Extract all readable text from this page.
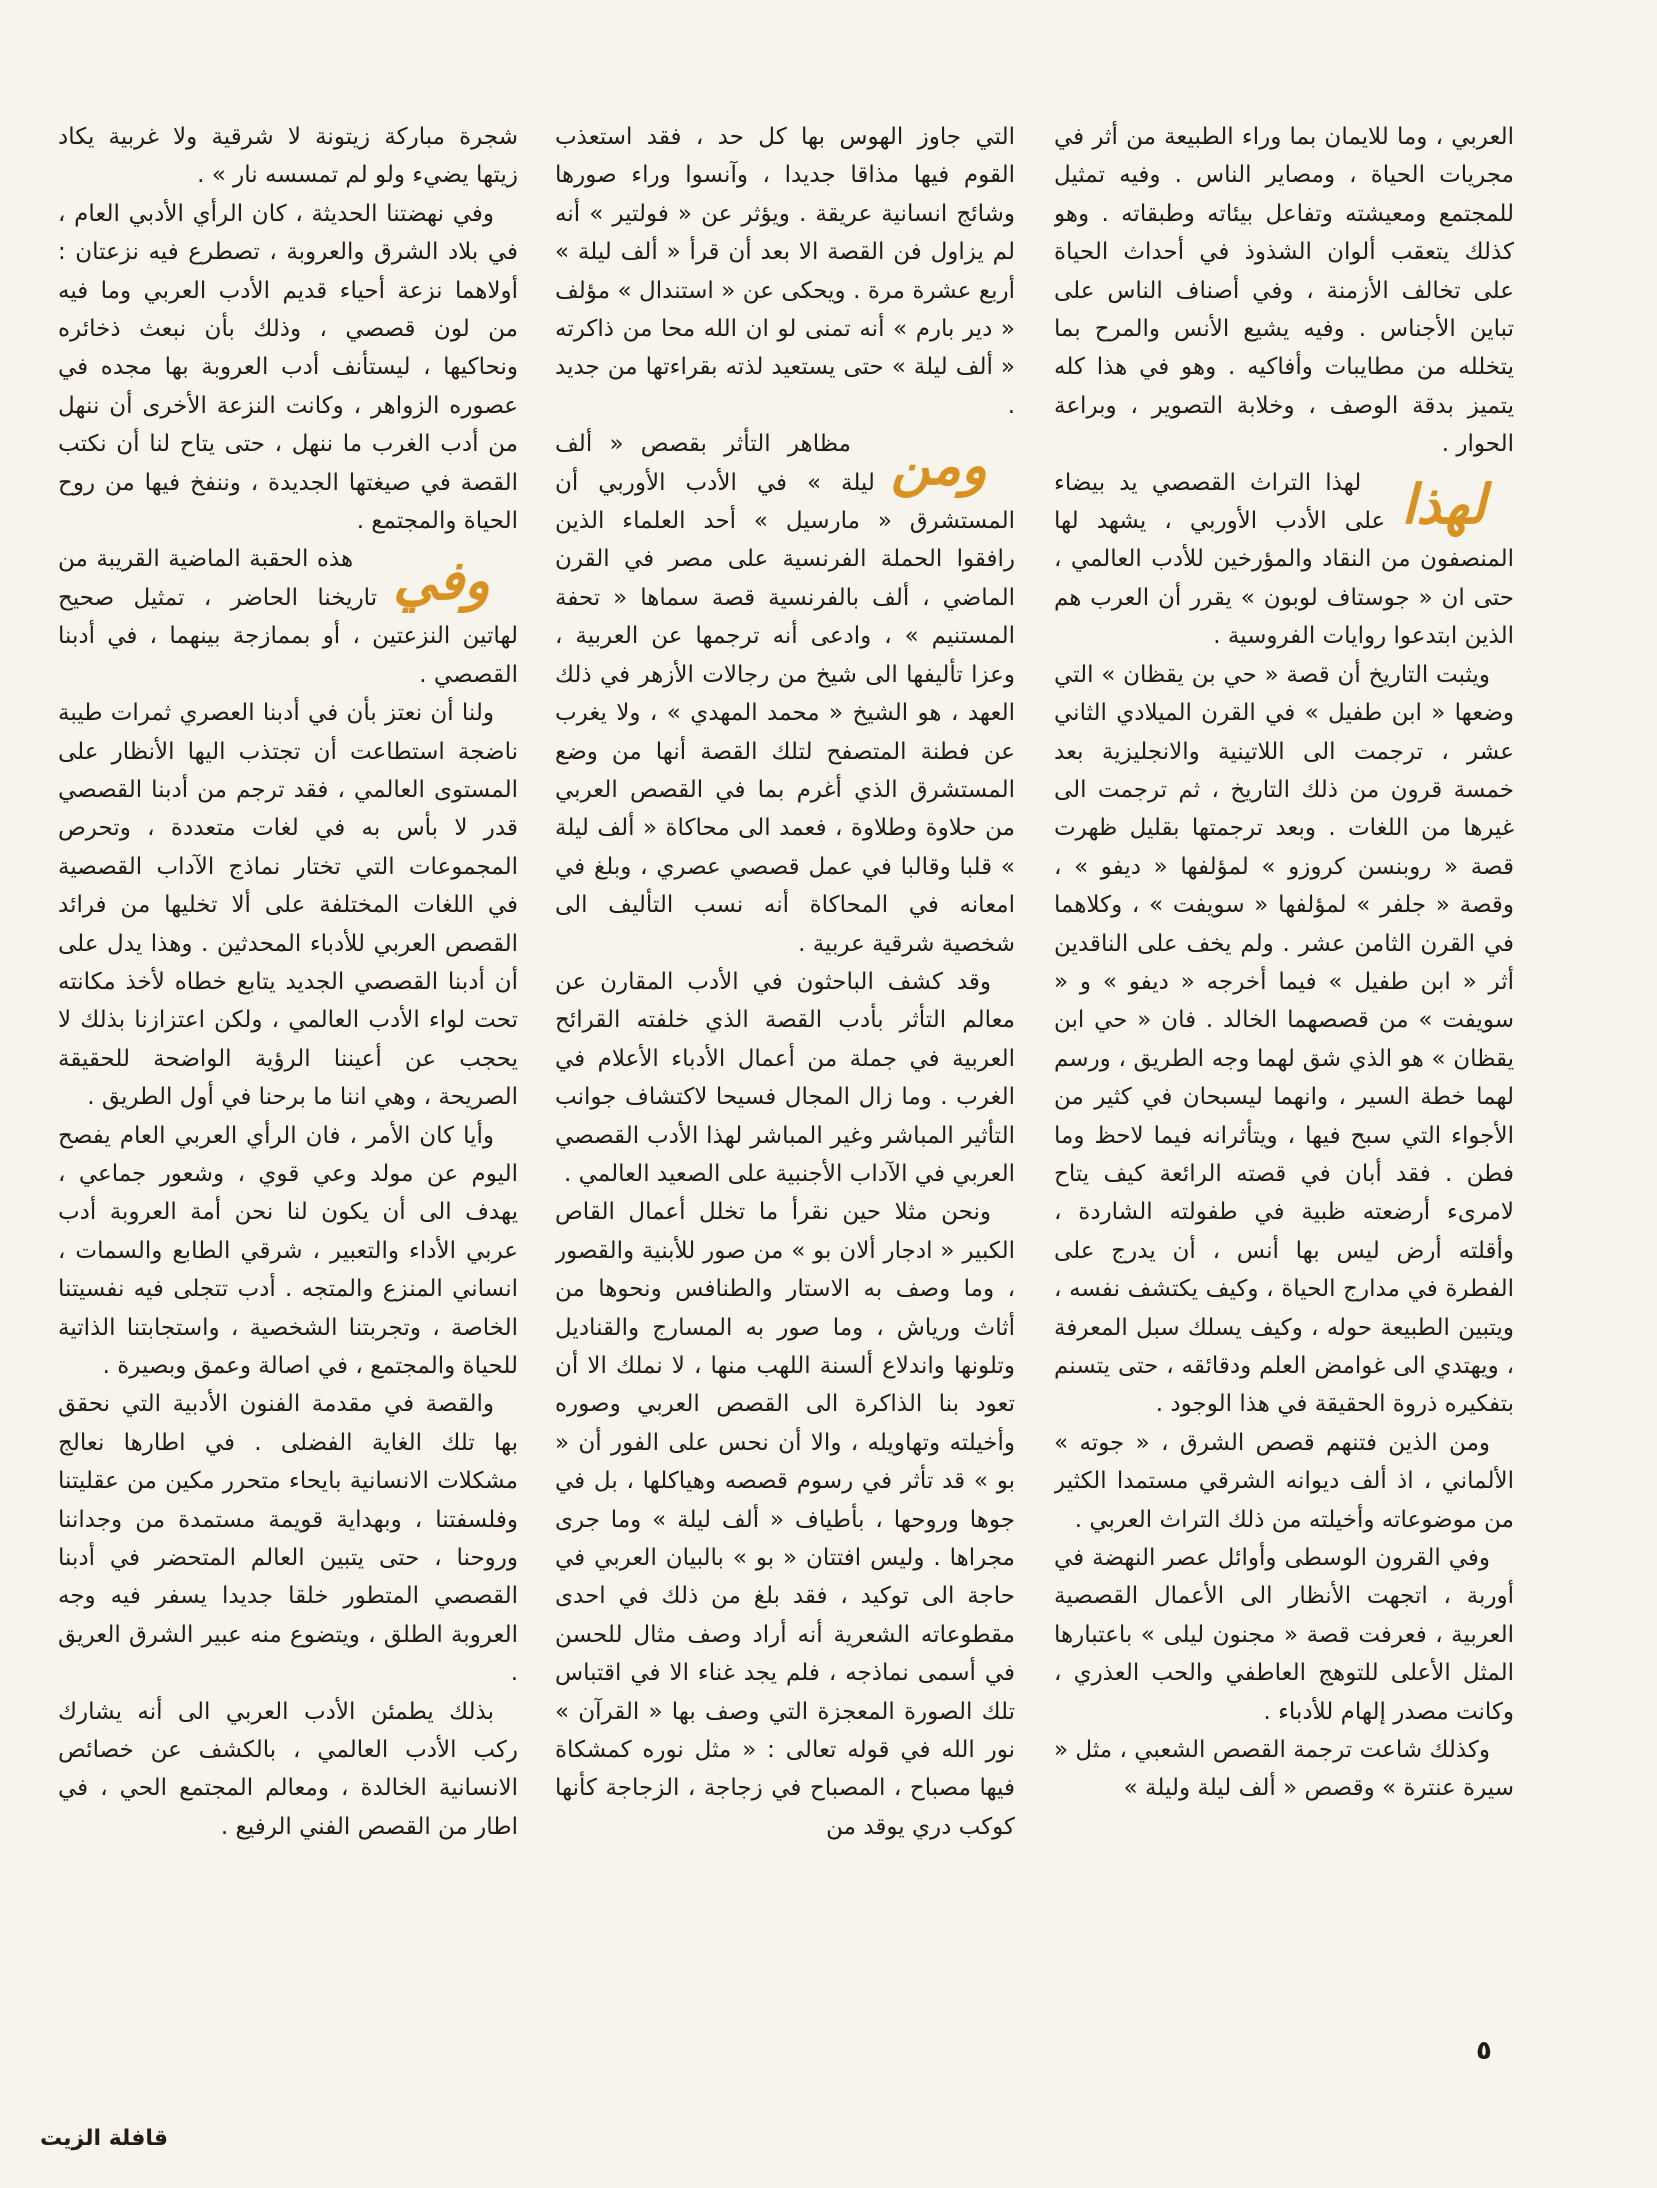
العربي ، وما للايمان بما وراء الطبيعة من أثر في مجريات الحياة ، ومصاير الناس . وفيه تمثيل للمجتمع ومعيشته وتفاعل بيئاته وطبقاته . وهو كذلك يتعقب ألوان الشذوذ في أحداث الحياة على تخالف الأزمنة ، وفي أصناف الناس على تباين الأجناس . وفيه يشيع الأنس والمرح بما يتخلله من مطايبات وأفاكيه . وهو في هذا كله يتميز بدقة الوصف ، وخلابة التصوير ، وبراعة الحوار .

لهذا
لهذا التراث القصصي يد بيضاء على الأدب الأوربي ، يشهد لها المنصفون من النقاد والمؤرخين للأدب العالمي ، حتى ان « جوستاف لوبون » يقرر أن العرب هم الذين ابتدعوا روايات الفروسية .

ويثبت التاريخ أن قصة « حي بن يقظان » التي وضعها « ابن طفيل » في القرن الميلادي الثاني عشر ، ترجمت الى اللاتينية والانجليزية بعد خمسة قرون من ذلك التاريخ ، ثم ترجمت الى غيرها من اللغات . وبعد ترجمتها بقليل ظهرت قصة « روبنسن كروزو » لمؤلفها « ديفو » ، وقصة « جلفر » لمؤلفها « سويفت » ، وكلاهما في القرن الثامن عشر . ولم يخف على الناقدين أثر « ابن طفيل » فيما أخرجه « ديفو » و « سويفت » من قصصهما الخالد . فان « حي ابن يقظان » هو الذي شق لهما وجه الطريق ، ورسم لهما خطة السير ، وانهما ليسبحان في كثير من الأجواء التي سبح فيها ، ويتأثرانه فيما لاحظ وما فطن . فقد أبان في قصته الرائعة كيف يتاح لامرىء أرضعته ظبية في طفولته الشاردة ، وأقلته أرض ليس بها أنس ، أن يدرج على الفطرة في مدارج الحياة ، وكيف يكتشف نفسه ، ويتبين الطبيعة حوله ، وكيف يسلك سبل المعرفة ، ويهتدي الى غوامض العلم ودقائقه ، حتى يتسنم بتفكيره ذروة الحقيقة في هذا الوجود .

ومن الذين فتنهم قصص الشرق ، « جوته » الألماني ، اذ ألف ديوانه الشرقي مستمدا الكثير من موضوعاته وأخيلته من ذلك التراث العربي .

وفي القرون الوسطى وأوائل عصر النهضة في أوربة ، اتجهت الأنظار الى الأعمال القصصية العربية ، فعرفت قصة « مجنون ليلى » باعتبارها المثل الأعلى للتوهج العاطفي والحب العذري ، وكانت مصدر إلهام للأدباء .

وكذلك شاعت ترجمة القصص الشعبي ، مثل « سيرة عنترة » وقصص « ألف ليلة وليلة »

التي جاوز الهوس بها كل حد ، فقد استعذب القوم فيها مذاقا جديدا ، وآنسوا وراء صورها وشائج انسانية عريقة . ويؤثر عن « فولتير » أنه لم يزاول فن القصة الا بعد أن قرأ « ألف ليلة » أربع عشرة مرة . ويحكى عن « استندال » مؤلف « دير بارم » أنه تمنى لو ان الله محا من ذاكرته « ألف ليلة » حتى يستعيد لذته بقراءتها من جديد .

ومن
مظاهر التأثر بقصص « ألف ليلة » في الأدب الأوربي أن المستشرق « مارسيل » أحد العلماء الذين رافقوا الحملة الفرنسية على مصر في القرن الماضي ، ألف بالفرنسية قصة سماها « تحفة المستنيم » ، وادعى أنه ترجمها عن العربية ، وعزا تأليفها الى شيخ من رجالات الأزهر في ذلك العهد ، هو الشيخ « محمد المهدي » ، ولا يغرب عن فطنة المتصفح لتلك القصة أنها من وضع المستشرق الذي أغرم بما في القصص العربي من حلاوة وطلاوة ، فعمد الى محاكاة « ألف ليلة » قلبا وقالبا في عمل قصصي عصري ، وبلغ في امعانه في المحاكاة أنه نسب التأليف الى شخصية شرقية عربية .

وقد كشف الباحثون في الأدب المقارن عن معالم التأثر بأدب القصة الذي خلفته القرائح العربية في جملة من أعمال الأدباء الأعلام في الغرب . وما زال المجال فسيحا لاكتشاف جوانب التأثير المباشر وغير المباشر لهذا الأدب القصصي العربي في الآداب الأجنبية على الصعيد العالمي .

ونحن مثلا حين نقرأ ما تخلل أعمال القاص الكبير « ادجار ألان بو » من صور للأبنية والقصور ، وما وصف به الاستار والطنافس ونحوها من أثاث ورياش ، وما صور به المسارج والقناديل وتلونها واندلاع ألسنة اللهب منها ، لا نملك الا أن تعود بنا الذاكرة الى القصص العربي وصوره وأخيلته وتهاويله ، والا أن نحس على الفور أن « بو » قد تأثر في رسوم قصصه وهياكلها ، بل في جوها وروحها ، بأطياف « ألف ليلة » وما جرى مجراها . وليس افتتان « بو » بالبيان العربي في حاجة الى توكيد ، فقد بلغ من ذلك في احدى مقطوعاته الشعرية أنه أراد وصف مثال للحسن في أسمى نماذجه ، فلم يجد غناء الا في اقتباس تلك الصورة المعجزة التي وصف بها « القرآن » نور الله في قوله تعالى : « مثل نوره كمشكاة فيها مصباح ، المصباح في زجاجة ، الزجاجة كأنها كوكب دري يوقد من

شجرة مباركة زيتونة لا شرقية ولا غربية يكاد زيتها يضيء ولو لم تمسسه نار » .

وفي نهضتنا الحديثة ، كان الرأي الأدبي العام ، في بلاد الشرق والعروبة ، تصطرع فيه نزعتان : أولاهما نزعة أحياء قديم الأدب العربي وما فيه من لون قصصي ، وذلك بأن نبعث ذخائره ونحاكيها ، ليستأنف أدب العروبة بها مجده في عصوره الزواهر ، وكانت النزعة الأخرى أن ننهل من أدب الغرب ما ننهل ، حتى يتاح لنا أن نكتب القصة في صيغتها الجديدة ، وننفخ فيها من روح الحياة والمجتمع .

وفي
هذه الحقبة الماضية القريبة من تاريخنا الحاضر ، تمثيل صحيح لهاتين النزعتين ، أو بممازجة بينهما ، في أدبنا القصصي .

ولنا أن نعتز بأن في أدبنا العصري ثمرات طيبة ناضجة استطاعت أن تجتذب اليها الأنظار على المستوى العالمي ، فقد ترجم من أدبنا القصصي قدر لا بأس به في لغات متعددة ، وتحرص المجموعات التي تختار نماذج الآداب القصصية في اللغات المختلفة على ألا تخليها من فرائد القصص العربي للأدباء المحدثين . وهذا يدل على أن أدبنا القصصي الجديد يتابع خطاه لأخذ مكانته تحت لواء الأدب العالمي ، ولكن اعتزازنا بذلك لا يحجب عن أعيننا الرؤية الواضحة للحقيقة الصريحة ، وهي اننا ما برحنا في أول الطريق .

وأيا كان الأمر ، فان الرأي العربي العام يفصح اليوم عن مولد وعي قوي ، وشعور جماعي ، يهدف الى أن يكون لنا نحن أمة العروبة أدب عربي الأداء والتعبير ، شرقي الطابع والسمات ، انساني المنزع والمتجه . أدب تتجلى فيه نفسيتنا الخاصة ، وتجربتنا الشخصية ، واستجابتنا الذاتية للحياة والمجتمع ، في اصالة وعمق وبصيرة .

والقصة في مقدمة الفنون الأدبية التي نحقق بها تلك الغاية الفضلى . في اطارها نعالج مشكلات الانسانية بايحاء متحرر مكين من عقليتنا وفلسفتنا ، وبهداية قويمة مستمدة من وجداننا وروحنا ، حتى يتبين العالم المتحضر في أدبنا القصصي المتطور خلقا جديدا يسفر فيه وجه العروبة الطلق ، ويتضوع منه عبير الشرق العريق .

بذلك يطمئن الأدب العربي الى أنه يشارك ركب الأدب العالمي ، بالكشف عن خصائص الانسانية الخالدة ، ومعالم المجتمع الحي ، في اطار من القصص الفني الرفيع .

٥
قافلة الزيت
